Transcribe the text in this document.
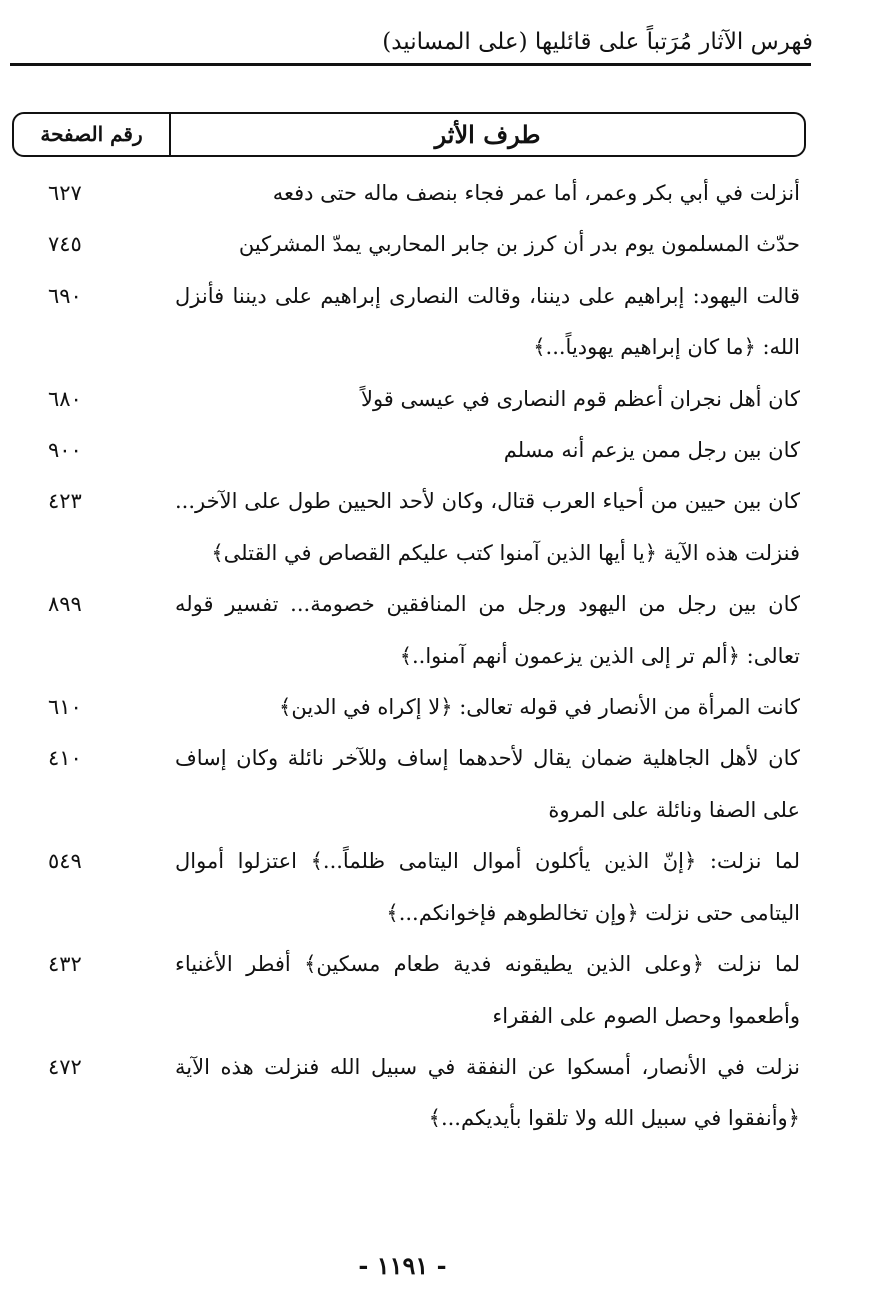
فهرس الآثار مُرَتباً على قائليها (على المسانيد)
طرف الأثر
رقم الصفحة
أنزلت في أبي بكر وعمر، أما عمر فجاء بنصف ماله حتى دفعه
٦٢٧
حدّث المسلمون يوم بدر أن كرز بن جابر المحاربي يمدّ المشركين
٧٤٥
قالت اليهود: إبراهيم على ديننا، وقالت النصارى إبراهيم على ديننا فأنزل الله: ﴿ما كان إبراهيم يهودياً...﴾
٦٩٠
كان أهل نجران أعظم قوم النصارى في عيسى قولاً
٦٨٠
كان بين رجل ممن يزعم أنه مسلم
٩٠٠
كان بين حيين من أحياء العرب قتال، وكان لأحد الحيين طول على الآخر... فنزلت هذه الآية ﴿يا أيها الذين آمنوا كتب عليكم القصاص في القتلى﴾
٤٢٣
كان بين رجل من اليهود ورجل من المنافقين خصومة... تفسير قوله تعالى: ﴿ألم تر إلى الذين يزعمون أنهم آمنوا..﴾
٨٩٩
كانت المرأة من الأنصار في قوله تعالى: ﴿لا إكراه في الدين﴾
٦١٠
كان لأهل الجاهلية ضمان يقال لأحدهما إساف وللآخر نائلة وكان إساف على الصفا ونائلة على المروة
٤١٠
لما نزلت: ﴿إنّ الذين يأكلون أموال اليتامى ظلماً...﴾ اعتزلوا أموال اليتامى حتى نزلت ﴿وإن تخالطوهم فإخوانكم...﴾
٥٤٩
لما نزلت ﴿وعلى الذين يطيقونه فدية طعام مسكين﴾ أفطر الأغنياء وأطعموا وحصل الصوم على الفقراء
٤٣٢
نزلت في الأنصار، أمسكوا عن النفقة في سبيل الله فنزلت هذه الآية ﴿وأنفقوا في سبيل الله ولا تلقوا بأيديكم...﴾
٤٧٢
- ١١٩١ -
